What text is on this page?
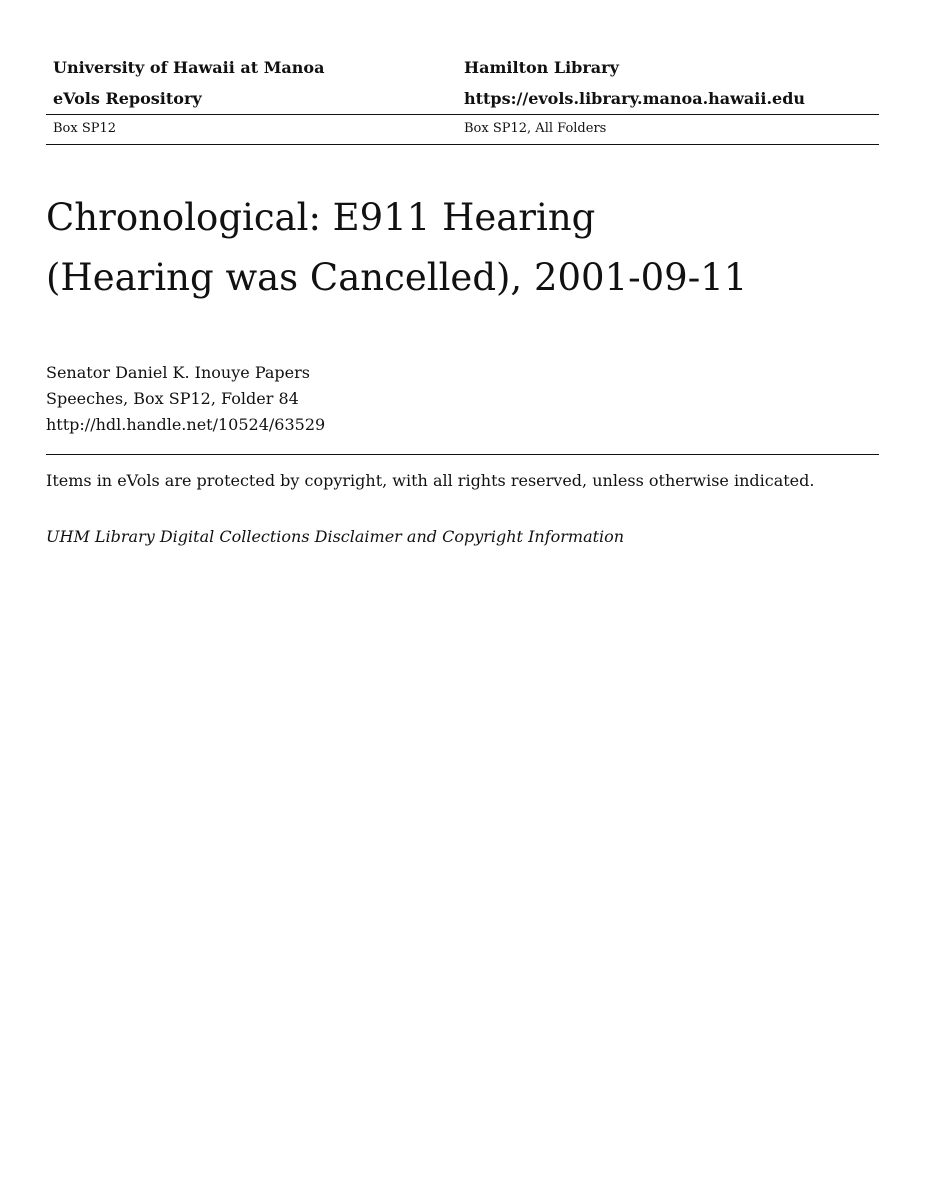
University of Hawaii at Manoa	Hamilton Library
eVols Repository	https://evols.library.manoa.hawaii.edu
Box SP12	Box SP12, All Folders
Chronological: E911 Hearing
(Hearing was Cancelled), 2001-09-11
Senator Daniel K. Inouye Papers
Speeches, Box SP12, Folder 84
http://hdl.handle.net/10524/63529
Items in eVols are protected by copyright, with all rights reserved, unless otherwise indicated.
UHM Library Digital Collections Disclaimer and Copyright Information
